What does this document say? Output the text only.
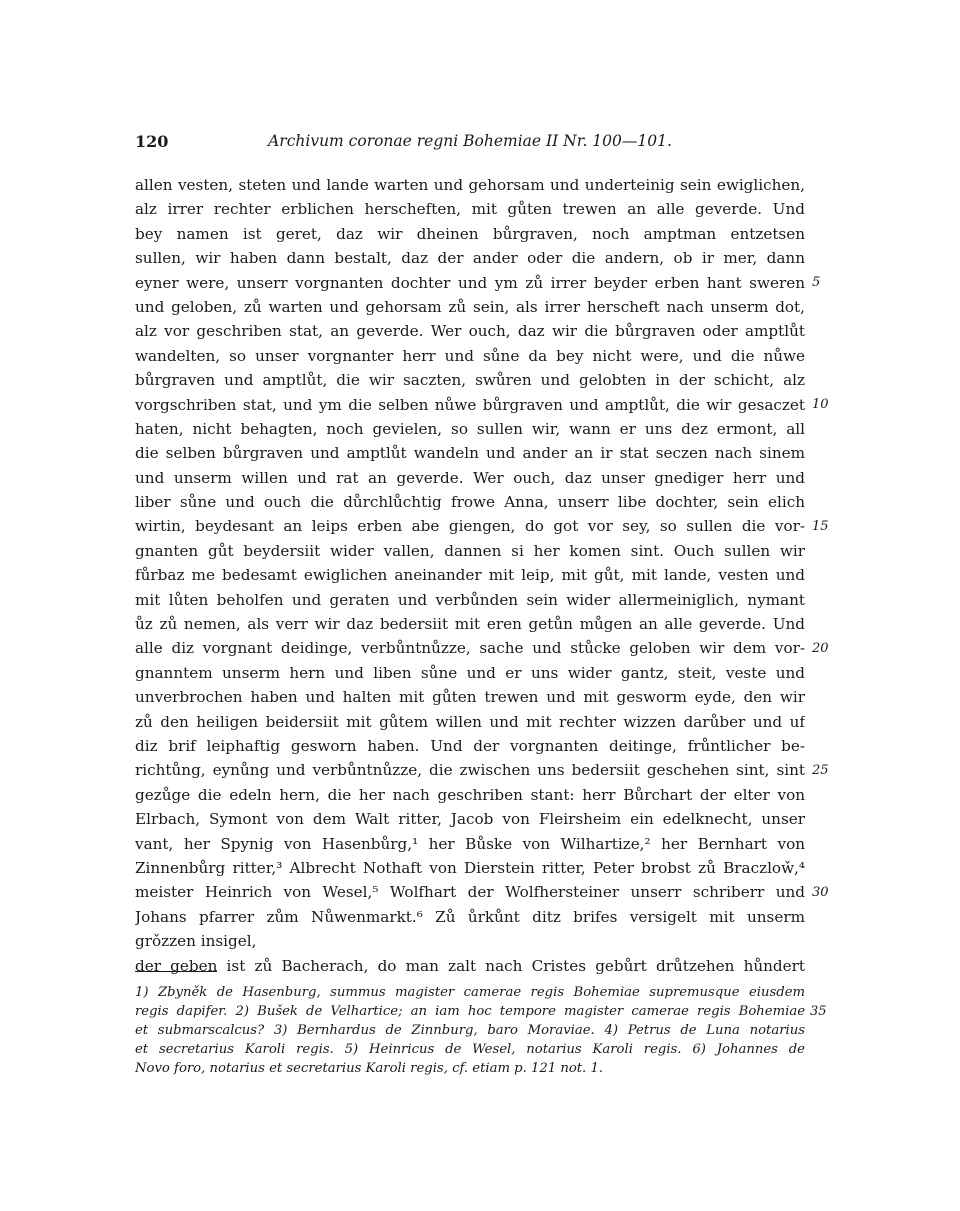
120	Archivum coronae regni Bohemiae II Nr. 100—101.
allen vesten, steten und lande warten und gehorsam und underteinig sein ewiglichen,
alz irrer rechter erblichen herscheften, mit gůten trewen an alle geverde. Und
bey namen ist geret, daz wir dheinen bůrgraven, noch amptman entzetsen
sullen, wir haben dann bestalt, daz der ander oder die andern, ob ir mer, dann
eyner were, unserr vorgnanten dochter und ym zů irrer beyder erben hant sweren
und geloben, zů warten und gehorsam zů sein, als irrer herscheft nach unserm dot,
alz vor geschriben stat, an geverde. Wer ouch, daz wir die bůrgraven oder amptlůt
wandelten, so unser vorgnanter herr und sůne da bey nicht were, und die nůwe
bůrgraven und amptlůt, die wir saczten, swůren und gelobten in der schicht, alz
vorgschriben stat, und ym die selben nůwe bůrgraven und amptlůt, die wir gesaczet
haten, nicht behagten, noch gevielen, so sullen wir, wann er uns dez ermont, all
die selben bůrgraven und amptlůt wandeln und ander an ir stat seczen nach sinem
und unserm willen und rat an geverde. Wer ouch, daz unser gnediger herr und
liber sůne und ouch die důrchlůchtig frowe Anna, unserr libe dochter, sein elich
wirtin, beydesant an leips erben abe giengen, do got vor sey, so sullen die vor-
gnanten gůt beydersiit wider vallen, dannen si her komen sint. Ouch sullen wir
fůrbaz me bedesamt ewiglichen aneinander mit leip, mit gůt, mit lande, vesten und
mit lůten beholfen und geraten und verbůnden sein wider allermeiniglich, nymant
ůz zů nemen, als verr wir daz bedersiit mit eren getůn můgen an alle geverde. Und
alle diz vorgnant deidinge, verbůntnůzze, sache und stůcke geloben wir dem vor-
gnanntem unserm hern und liben sůne und er uns wider gantz, steit, veste und
unverbrochen haben und halten mit gůten trewen und mit gesworm eyde, den wir
zů den heiligen beidersiit mit gůtem willen und mit rechter wizzen darůber und uf
diz brif leiphaftig gesworn haben. Und der vorgnanten deitinge, frůntlicher be-
richtůng, eynůng und verbůntnůzze, die zwischen uns bedersiit geschehen sint, sint
gezůge die edeln hern, die her nach geschriben stant: herr Bůrchart der elter von
Elrbach, Symont von dem Walt ritter, Jacob von Fleirsheim ein edelknecht, unser
vant, her Spynig von Hasenbůrg,¹ her Bůske von Wilhartize,² her Bernhart von
Zinnenbůrg ritter,³ Albrecht Nothaft von Dierstein ritter, Peter brobst zů Braczlow̌,⁴
meister Heinrich von Wesel,⁵ Wolfhart der Wolfhersteiner unserr schriberr und
Johans pfarrer zům Nůwenmarkt.⁶ Zů ůrkůnt ditz brifes versigelt mit unserm
grǒzzen insigel,
der geben ist zů Bacherach, do man zalt nach Cristes gebůrt drůtzehen hůndert
5
10
15
20
25
30
1) Zbyněk de Hasenburg, summus magister camerae regis Bohemiae supremusque eiusdem
regis dapifer. 2) Bušek de Velhartice; an iam hoc tempore magister camerae regis Bohemiae
et submarscalcus? 3) Bernhardus de Zinnburg, baro Moraviae. 4) Petrus de Luna notarius
et secretarius Karoli regis. 5) Heinricus de Wesel, notarius Karoli regis. 6) Johannes de
Novo foro, notarius et secretarius Karoli regis, cf. etiam p. 121 not. 1.
35
